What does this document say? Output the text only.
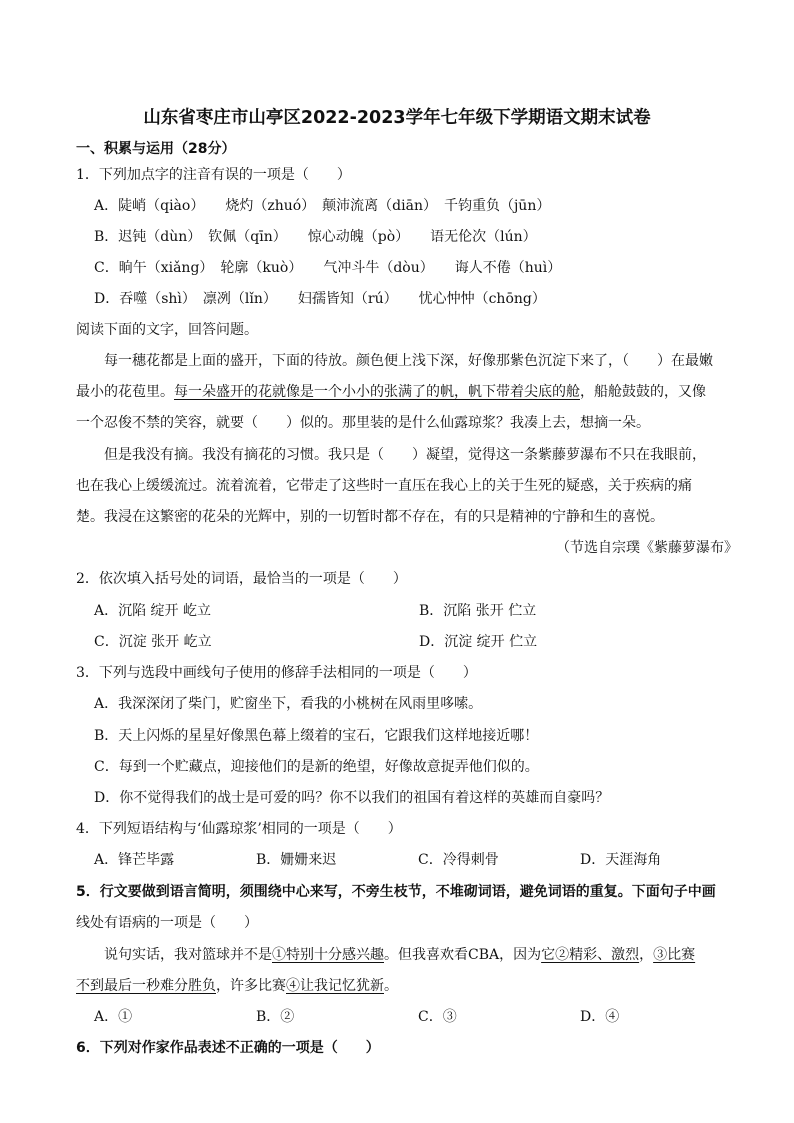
山东省枣庄市山亭区2022-2023学年七年级下学期语文期末试卷
一、积累与运用（28分）
1．下列加点字的注音有误的一项是（　　）
A．陡峭（qiào）　　烧灼（zhuó）　颠沛流离（diān）　千钧重负（jūn）
B．迟钝（dùn）　钦佩（qīn）　　惊心动魄（pò）　　语无伦次（lún）
C．晌午（xiǎng）　轮廓（kuò）　　气冲斗牛（dòu）　　诲人不倦（huì）
D．吞噬（shì）　凛冽（lǐn）　　妇孺皆知（rú）　　忧心忡忡（chōng）
阅读下面的文字，回答问题。
每一穗花都是上面的盛开，下面的待放。颜色便上浅下深，好像那紫色沉淀下来了，（　　）在最嫩
最小的花苞里。每一朵盛开的花就像是一个小小的张满了的帆，帆下带着尖底的舱，船舱鼓鼓的，又像
一个忍俊不禁的笑容，就要（　　）似的。那里装的是什么仙露琼浆？我凑上去，想摘一朵。
但是我没有摘。我没有摘花的习惯。我只是（　　）凝望，觉得这一条紫藤萝瀑布不只在我眼前，
也在我心上缓缓流过。流着流着，它带走了这些时一直压在我心上的关于生死的疑惑，关于疾病的痛
楚。我浸在这繁密的花朵的光辉中，别的一切暂时都不存在，有的只是精神的宁静和生的喜悦。
（节选自宗璞《紫藤萝瀑布》
2．依次填入括号处的词语，最恰当的一项是（　　）
A．沉陷 绽开 屹立	B．沉陷 张开 伫立
C．沉淀 张开 屹立	D．沉淀 绽开 伫立
3．下列与选段中画线句子使用的修辞手法相同的一项是（　　）
A．我深深闭了柴门，贮窗坐下，看我的小桃树在风雨里哆嗦。
B．天上闪烁的星星好像黑色幕上缀着的宝石，它跟我们这样地接近哪！
C．每到一个贮藏点，迎接他们的是新的绝望，好像故意捉弄他们似的。
D．你不觉得我们的战士是可爱的吗？你不以我们的祖国有着这样的英雄而自豪吗？
4．下列短语结构与‘仙露琼浆’相同的一项是（　　）
A．锋芒毕露	B．姗姗来迟	C．冷得刺骨	D．天涯海角
5．行文要做到语言简明，须围绕中心来写，不旁生枝节，不堆砌词语，避免词语的重复。下面句子中画
线处有语病的一项是（　　）
说句实话，我对篮球并不是①特别十分感兴趣。但我喜欢看CBA，因为它②精彩、激烈，③比赛
不到最后一秒难分胜负，许多比赛④让我记忆犹新。
A．①	B．②	C．③	D．④
6．下列对作家作品表述不正确的一项是（　　）
